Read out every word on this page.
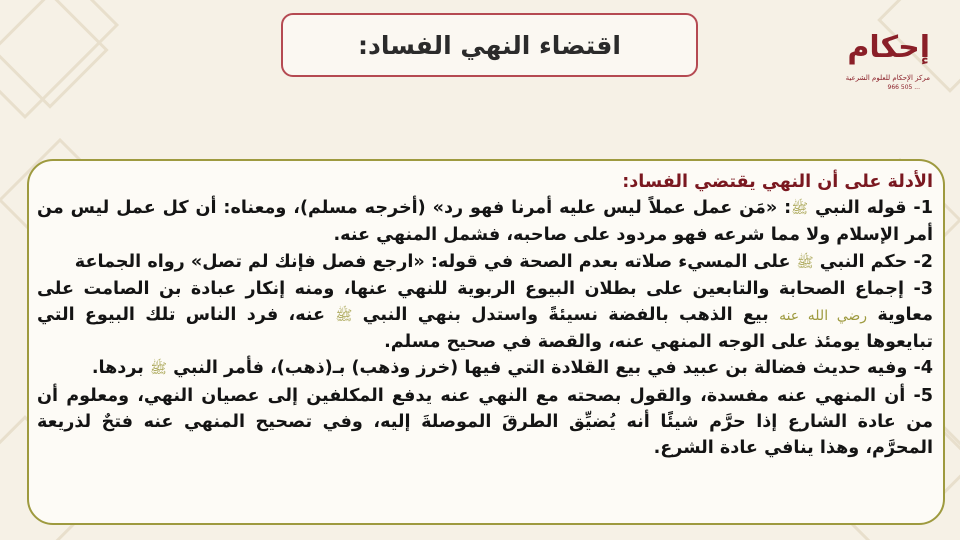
اقتضاء النهي الفساد:	إحكام
مركز الإحكام للعلوم الشرعية
966 505 ...

الأدلة على أن النهي يقتضي الفساد:

1- قوله النبي ﷺ: «مَن عمل عملاً ليس عليه أمرنا فهو رد» (أخرجه مسلم)، ومعناه: أن كل عمل ليس من أمر الإسلام ولا مما شرعه فهو مردود على صاحبه، فشمل المنهي عنه.

2- حكم النبي ﷺ على المسيء صلاته بعدم الصحة في قوله: «ارجع فصل فإنك لم تصل» رواه الجماعة

3- إجماع الصحابة والتابعين على بطلان البيوع الربوية للنهي عنها، ومنه إنكار عبادة بن الصامت على معاوية رضي الله عنه بيع الذهب بالفضة نسيئةً واستدل بنهي النبي ﷺ عنه، فرد الناس تلك البيوع التي تبايعوها يومئذ على الوجه المنهي عنه، والقصة في صحيح مسلم.

4- وفيه حديث فضالة بن عبيد في بيع القلادة التي فيها (خرز وذهب) بـ(ذهب)، فأمر النبي ﷺ بردها.

5- أن المنهي عنه مفسدة، والقول بصحته مع النهي عنه يدفع المكلفين إلى عصيان النهي، ومعلوم أن من عادة الشارع إذا حرَّم شيئًا أنه يُضيِّق الطرقَ الموصلةَ إليه، وفي تصحيح المنهي عنه فتحٌ لذريعة المحرَّم، وهذا ينافي عادة الشرع.
